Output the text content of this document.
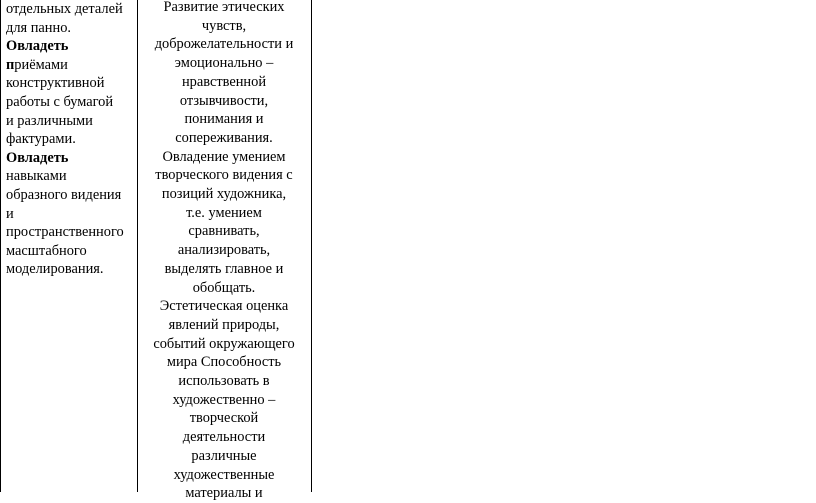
отдельных деталей
для панно.
Овладеть
приёмами
конструктивной
работы с бумагой
и различными
фактурами.
Овладеть
навыками
образного видения
и
пространственного
масштабного
моделирования.
Развитие этических
чувств,
доброжелательности и
эмоционально –
нравственной
отзывчивости,
понимания и
сопереживания.
Овладение умением
творческого видения с
позиций художника,
т.е. умением
сравнивать,
анализировать,
выделять главное и
обобщать.
Эстетическая оценка
явлений природы,
событий окружающего
мира Способность
использовать в
художественно –
творческой
деятельности
различные
художественные
материалы и
